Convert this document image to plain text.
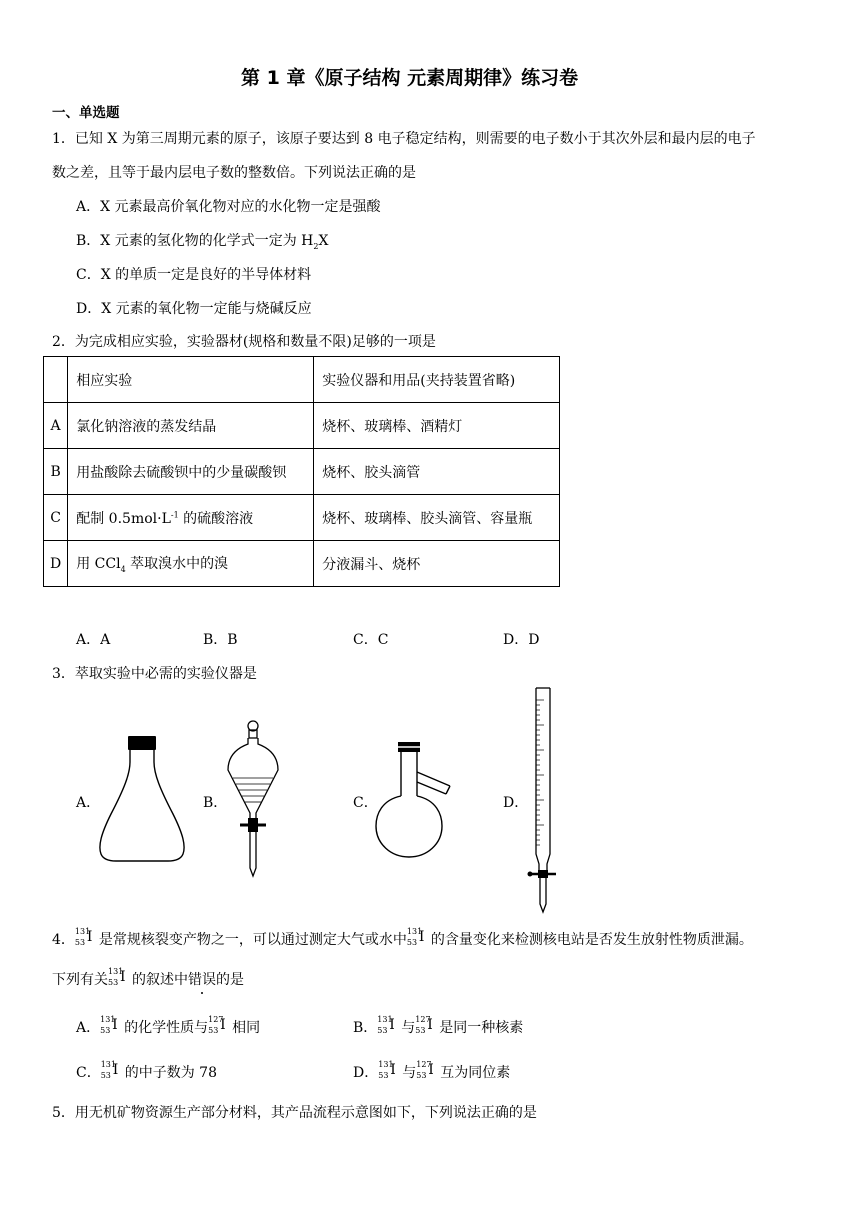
第 1 章《原子结构 元素周期律》练习卷
一、单选题
1．已知 X 为第三周期元素的原子，该原子要达到 8 电子稳定结构，则需要的电子数小于其次外层和最内层的电子
数之差，且等于最内层电子数的整数倍。下列说法正确的是
A．X 元素最高价氧化物对应的水化物一定是强酸
B．X 元素的氢化物的化学式一定为 $H_2X$
C．X 的单质一定是良好的半导体材料
D．X 元素的氧化物一定能与烧碱反应
2．为完成相应实验，实验器材(规格和数量不限)足够的一项是
	相应实验	实验仪器和用品(夹持装置省略)
A	氯化钠溶液的蒸发结晶	烧杯、玻璃棒、酒精灯
B	用盐酸除去硫酸钡中的少量碳酸钡	烧杯、胶头滴管
C	配制 $0.5mol\cdot L^{-1}$ 的硫酸溶液	烧杯、玻璃棒、胶头滴管、容量瓶
D	用 CCl$_4$ 萃取溴水中的溴	分液漏斗、烧杯
A．A	B．B	C．C	D．D
3．萃取实验中必需的实验仪器是
A．	B．	C．	D．
4．
131
53 I 是常规核裂变产物之一，可以通过测定大气或水中
131
53 I 的含量变化来检测核电站是否发生放射性物质泄漏。
下列有关
131
53 I 的叙述中错误的是
A．
131
53 I 的化学性质与
127
53 I 相同	B．
131
53 I 与
127
53 I 是同一种核素
C．
131
53 I 的中子数为 78	D．
131
53 I 与
127
53 I 互为同位素
5．用无机矿物资源生产部分材料，其产品流程示意图如下，下列说法正确的是
